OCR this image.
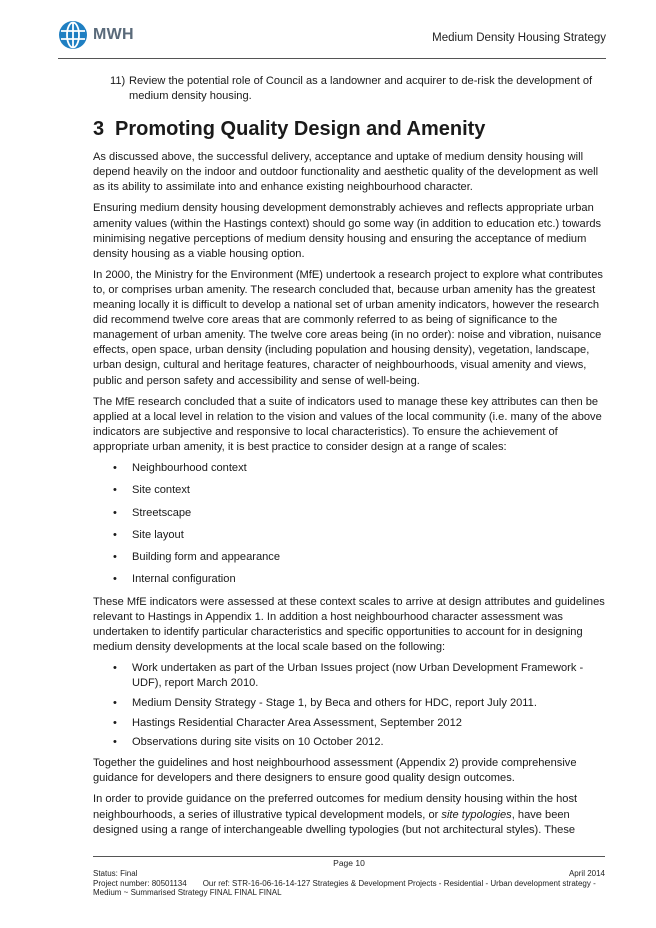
MWH	Medium Density Housing Strategy
11) Review the potential role of Council as a landowner and acquirer to de-risk the development of medium density housing.
3 Promoting Quality Design and Amenity

As discussed above, the successful delivery, acceptance and uptake of medium density housing will depend heavily on the indoor and outdoor functionality and aesthetic quality of the development as well as its ability to assimilate into and enhance existing neighbourhood character.

Ensuring medium density housing development demonstrably achieves and reflects appropriate urban amenity values (within the Hastings context) should go some way (in addition to education etc.) towards minimising negative perceptions of medium density housing and ensuring the acceptance of medium density housing as a viable housing option.

In 2000, the Ministry for the Environment (MfE) undertook a research project to explore what contributes to, or comprises urban amenity. The research concluded that, because urban amenity has the greatest meaning locally it is difficult to develop a national set of urban amenity indicators, however the research did recommend twelve core areas that are commonly referred to as being of significance to the management of urban amenity. The twelve core areas being (in no order): noise and vibration, nuisance effects, open space, urban density (including population and housing density), vegetation, landscape, urban design, cultural and heritage features, character of neighbourhoods, visual amenity and views, public and person safety and accessibility and sense of well-being.

The MfE research concluded that a suite of indicators used to manage these key attributes can then be applied at a local level in relation to the vision and values of the local community (i.e. many of the above indicators are subjective and responsive to local characteristics). To ensure the achievement of appropriate urban amenity, it is best practice to consider design at a range of scales:

•	Neighbourhood context
•	Site context
•	Streetscape
•	Site layout
•	Building form and appearance
•	Internal configuration

These MfE indicators were assessed at these context scales to arrive at design attributes and guidelines relevant to Hastings in Appendix 1. In addition a host neighbourhood character assessment was undertaken to identify particular characteristics and specific opportunities to account for in designing medium density developments at the local scale based on the following:

•	Work undertaken as part of the Urban Issues project (now Urban Development Framework - UDF), report March 2010.
•	Medium Density Strategy - Stage 1, by Beca and others for HDC, report July 2011.
•	Hastings Residential Character Area Assessment, September 2012
•	Observations during site visits on 10 October 2012.

Together the guidelines and host neighbourhood assessment (Appendix 2) provide comprehensive guidance for developers and there designers to ensure good quality design outcomes.

In order to provide guidance on the preferred outcomes for medium density housing within the host neighbourhoods, a series of illustrative typical development models, or site typologies, have been designed using a range of interchangeable dwelling typologies (but not architectural styles). These

Page 10
Status: Final	April 2014
Project number: 80501134 Our ref: STR-16-06-16-14-127 Strategies & Development Projects - Residential - Urban development strategy -
Medium ~ Summarised Strategy FINAL FINAL FINAL
